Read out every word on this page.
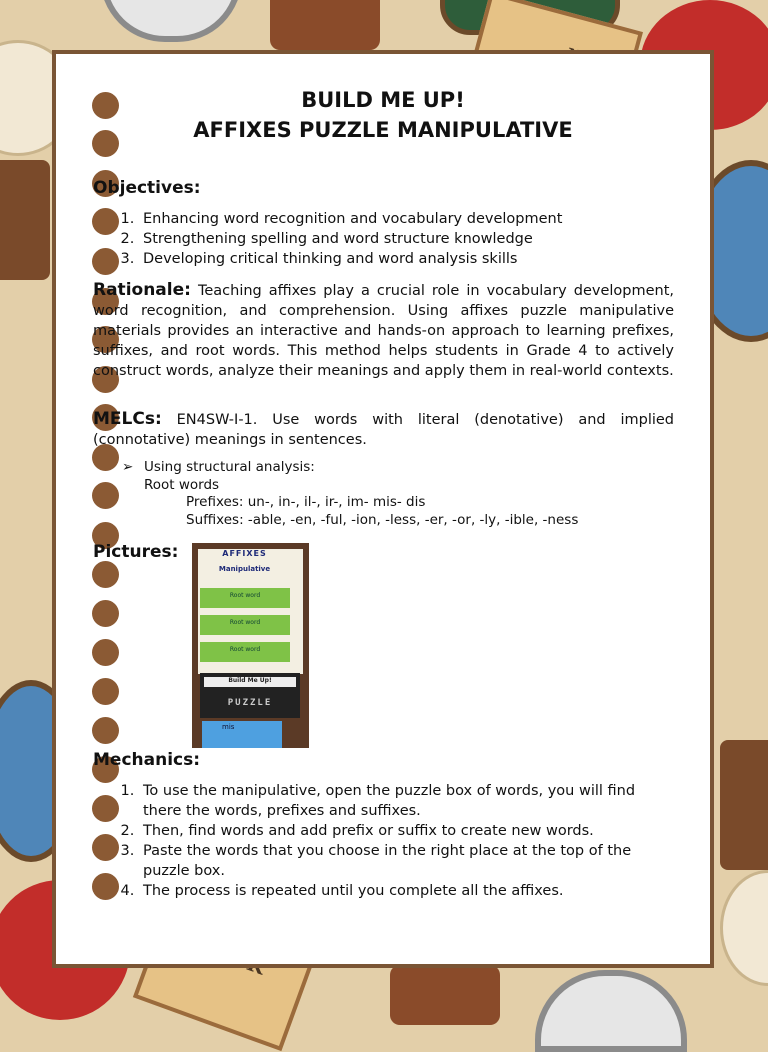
BUILD ME UP!
AFFIXES PUZZLE MANIPULATIVE
Objectives:
1. Enhancing word recognition and vocabulary development
2. Strengthening spelling and word structure knowledge
3. Developing critical thinking and word analysis skills
Rationale: Teaching affixes play a crucial role in vocabulary development, word recognition, and comprehension. Using affixes puzzle manipulative materials provides an interactive and hands-on approach to learning prefixes, suffixes, and root words. This method helps students in Grade 4 to actively construct words, analyze their meanings and apply them in real-world contexts.
MELCs: EN4SW-I-1. Use words with literal (denotative) and implied (connotative) meanings in sentences.
➢ Using structural analysis:
Root words
Prefixes: un-, in-, il-, ir-, im- mis- dis
Suffixes: -able, -en, -ful, -ion, -less, -er, -or, -ly, -ible, -ness
Pictures:	AFFIXES
Manipulative
Root word
Root word
Root word
Build Me Up!
PUZZLE
mis
Mechanics:
1. To use the manipulative, open the puzzle box of words, you will find there the words, prefixes and suffixes.
2. Then, find words and add prefix or suffix to create new words.
3. Paste the words that you choose in the right place at the top of the puzzle box.
4. The process is repeated until you complete all the affixes.
